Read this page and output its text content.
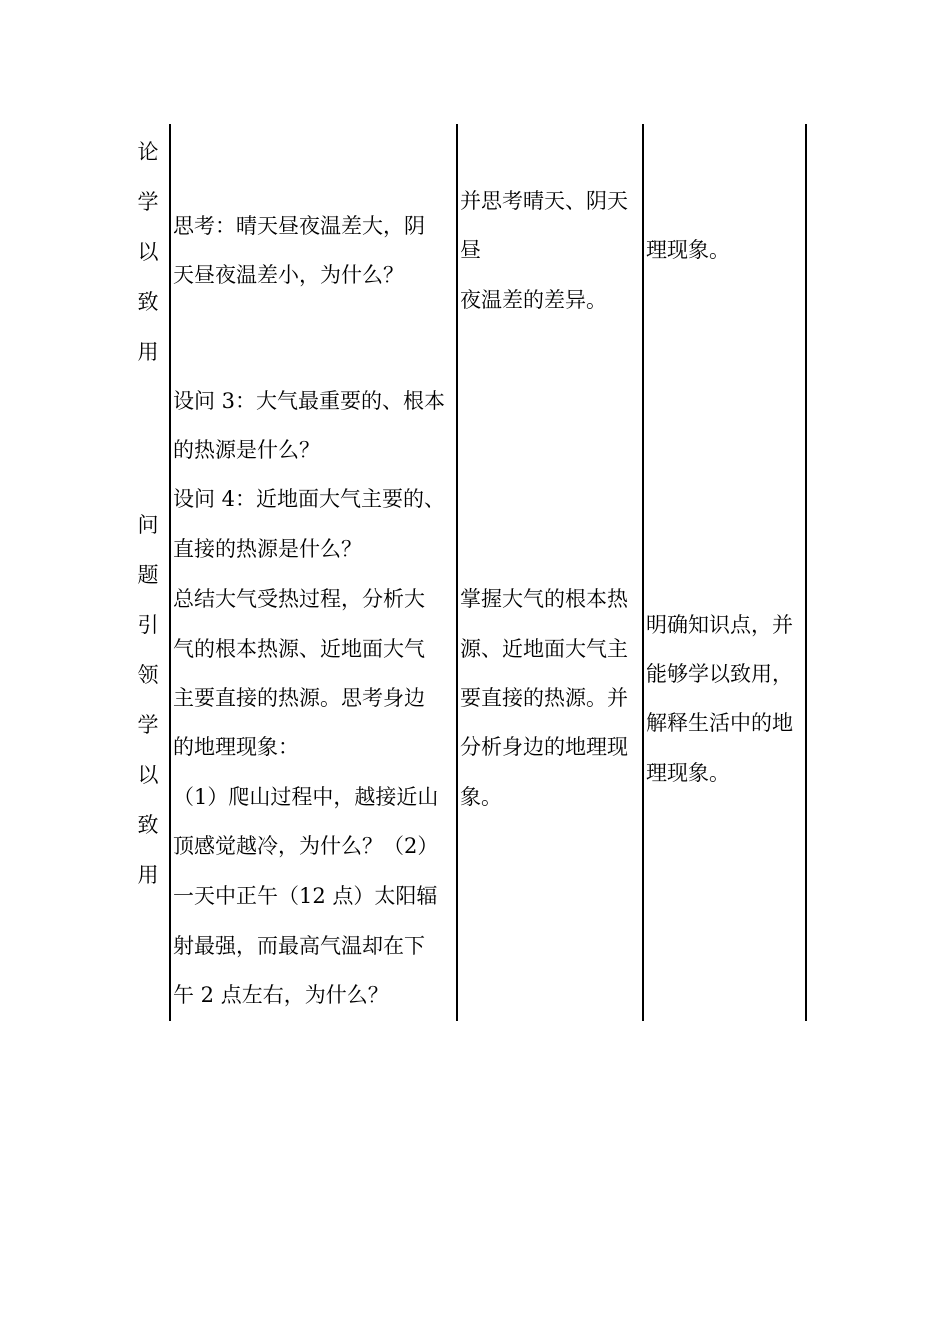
论学以致用
问题引领学以致用
思考：晴天昼夜温差大，阴
天昼夜温差小，为什么？
设问 3：大气最重要的、根本
的热源是什么？
设问 4：近地面大气主要的、
直接的热源是什么？
总结大气受热过程，分析大
气的根本热源、近地面大气
主要直接的热源。思考身边
的地理现象：
（1）爬山过程中，越接近山
顶感觉越冷，为什么？（2）
一天中正午（12 点）太阳辐
射最强，而最高气温却在下
午 2 点左右，为什么？
并思考晴天、阴天
昼
夜温差的差异。
掌握大气的根本热
源、近地面大气主
要直接的热源。并
分析身边的地理现
象。
理现象。
明确知识点，并
能够学以致用，
解释生活中的地
理现象。
